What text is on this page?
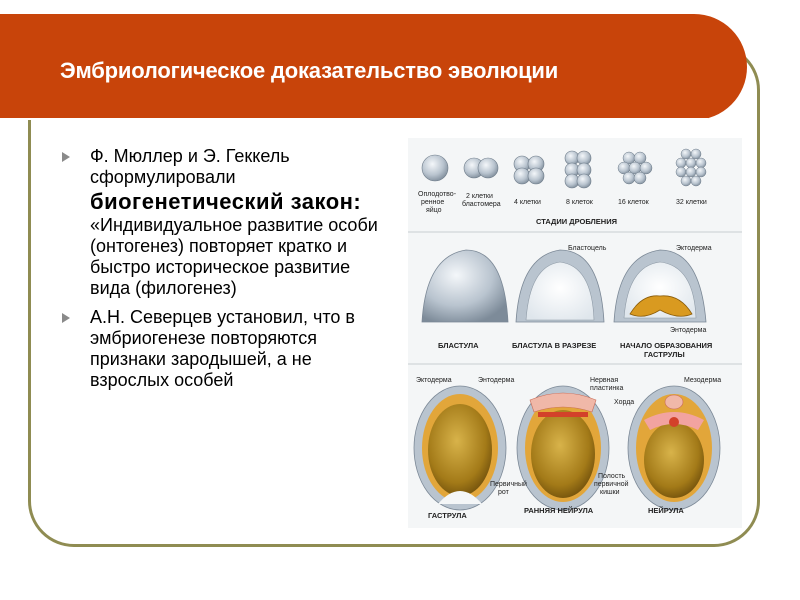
Эмбриологическое доказательство эволюции
Ф. Мюллер и Э. Геккель сформулировали биогенетический закон: «Индивидуальное развитие особи (онтогенез) повторяет кратко и быстро историческое развитие вида (филогенез)
А.Н. Северцев установил, что в эмбриогенезе повторяются признаки зародышей, а не взрослых особей
Оплодотво-
ренное
яйцо
2 клетки
бластомера 4 клетки	8 клеток	16 клеток	32 клетки
СТАДИИ ДРОБЛЕНИЯ
Бластоцель	Эктодерма
Энтодерма
БЛАСТУЛА	БЛАСТУЛА В РАЗРЕЗЕ	НАЧАЛО ОБРАЗОВАНИЯ
ГАСТРУЛЫ
Эктодерма	Энтодерма	Нервная
пластинка
Хорда
Мезодерма
Первичный
рот
Полость
первичной
кишки
ГАСТРУЛА
РАННЯЯ НЕЙРУЛА	НЕЙРУЛА
